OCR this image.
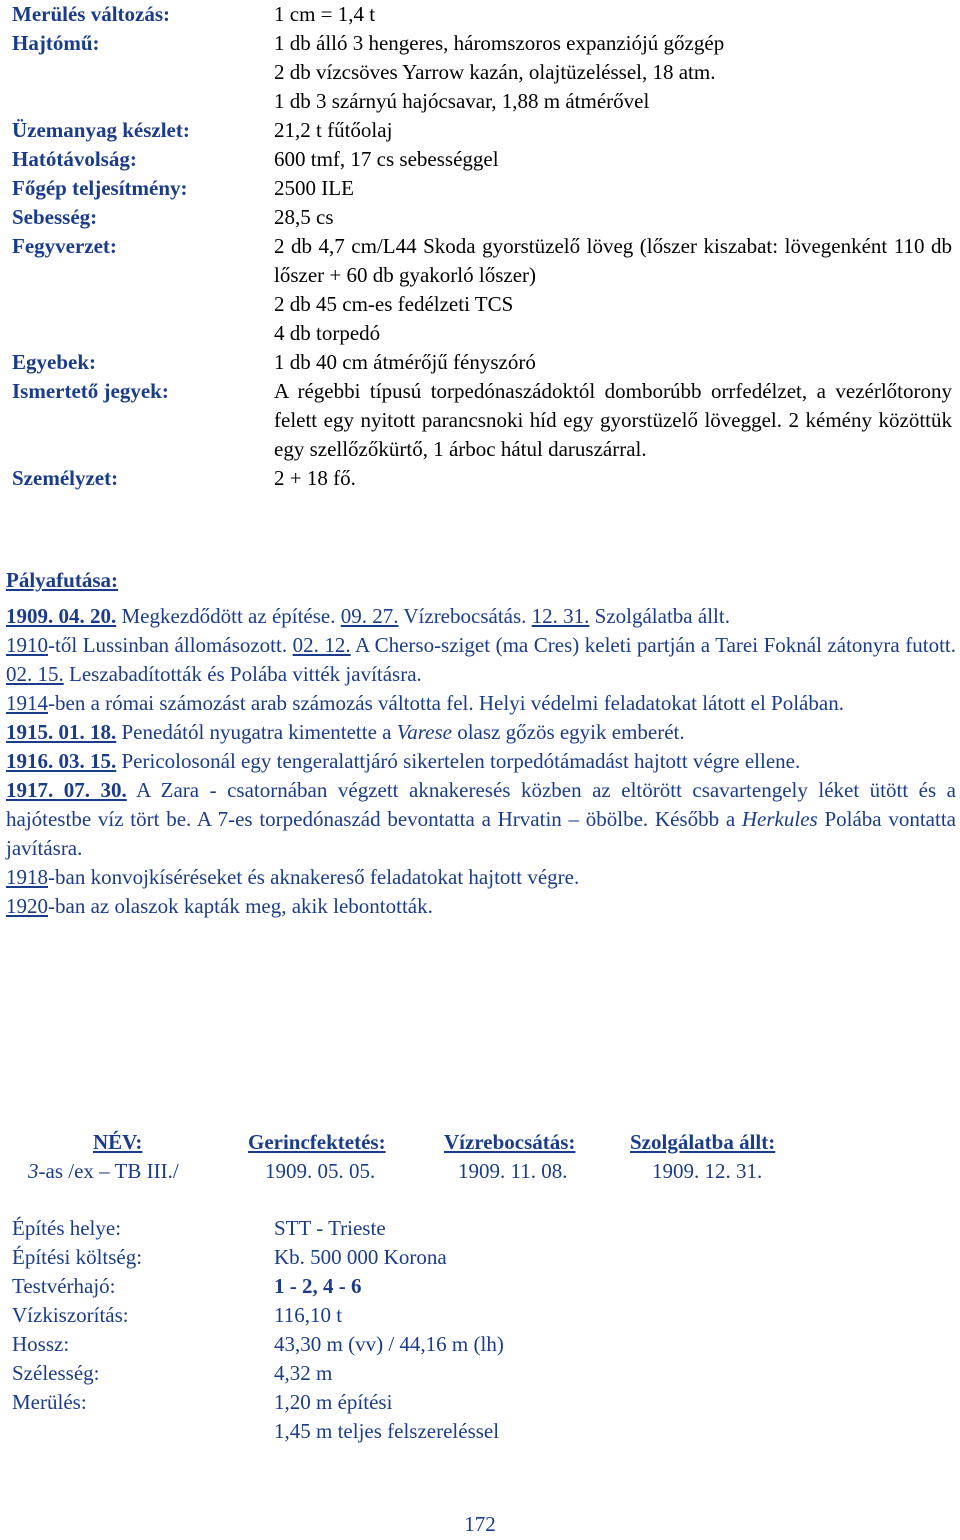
Merülés változás:	1 cm = 1,4 t
Hajtómű:	1 db álló 3 hengeres, háromszoros expanziójú gőzgép
2 db vízcsöves Yarrow kazán, olajtüzeléssel, 18 atm.
1 db 3 szárnyú hajócsavar, 1,88 m átmérővel
Üzemanyag készlet:	21,2 t fűtőolaj
Hatótávolság:	600 tmf, 17 cs sebességgel
Főgép teljesítmény:	2500 ILE
Sebesség:	28,5 cs
Fegyverzet:	2 db 4,7 cm/L44 Skoda gyorstüzelő löveg (lőszer kiszabat: lövegenként 110 db lőszer + 60 db gyakorló lőszer)
2 db 45 cm-es fedélzeti TCS
4 db torpedó
Egyebek:	1 db 40 cm átmérőjű fényszóró
Ismertető jegyek:	A régebbi típusú torpedónaszádoktól domborúbb orrfedélzet, a vezérlőtorony felett egy nyitott parancsnoki híd egy gyorstüzelő löveggel. 2 kémény közöttük egy szellőzőkürtő, 1 árboc hátul daruszárral.
Személyzet:	2 + 18 fő.
Pályafutása:

1909. 04. 20. Megkezdődött az építése. 09. 27. Vízrebocsátás. 12. 31. Szolgálatba állt.

1910-től Lussinban állomásozott. 02. 12. A Cherso-sziget (ma Cres) keleti partján a Tarei Foknál zátonyra futott. 02. 15. Leszabadították és Polába vitték javításra.

1914-ben a római számozást arab számozás váltotta fel. Helyi védelmi feladatokat látott el Polában.

1915. 01. 18. Penedától nyugatra kimentette a Varese olasz gőzös egyik emberét.

1916. 03. 15. Pericolosonál egy tengeralattjáró sikertelen torpedótámadást hajtott végre ellene.

1917. 07. 30. A Zara - csatornában végzett aknakeresés közben az eltörött csavartengely léket ütött és a hajótestbe víz tört be. A 7-es torpedónaszád bevontatta a Hrvatin – öbölbe. Később a Herkules Polába vontatta javításra.

1918-ban konvojkíséréseket és aknakereső feladatokat hajtott végre.

1920-ban az olaszok kapták meg, akik lebontották.

NÉV:	Gerincfektetés:	Vízrebocsátás:	Szolgálatba állt:
3-as /ex – TB III./	1909. 05. 05.	1909. 11. 08.	1909. 12. 31.
Építés helye:	STT - Trieste
Építési költség:	Kb. 500 000 Korona
Testvérhajó:	1 - 2, 4 - 6
Vízkiszorítás:	116,10 t
Hossz:	43,30 m (vv) / 44,16 m (lh)
Szélesség:	4,32 m
Merülés:	1,20 m építési
1,45 m teljes felszereléssel
172
